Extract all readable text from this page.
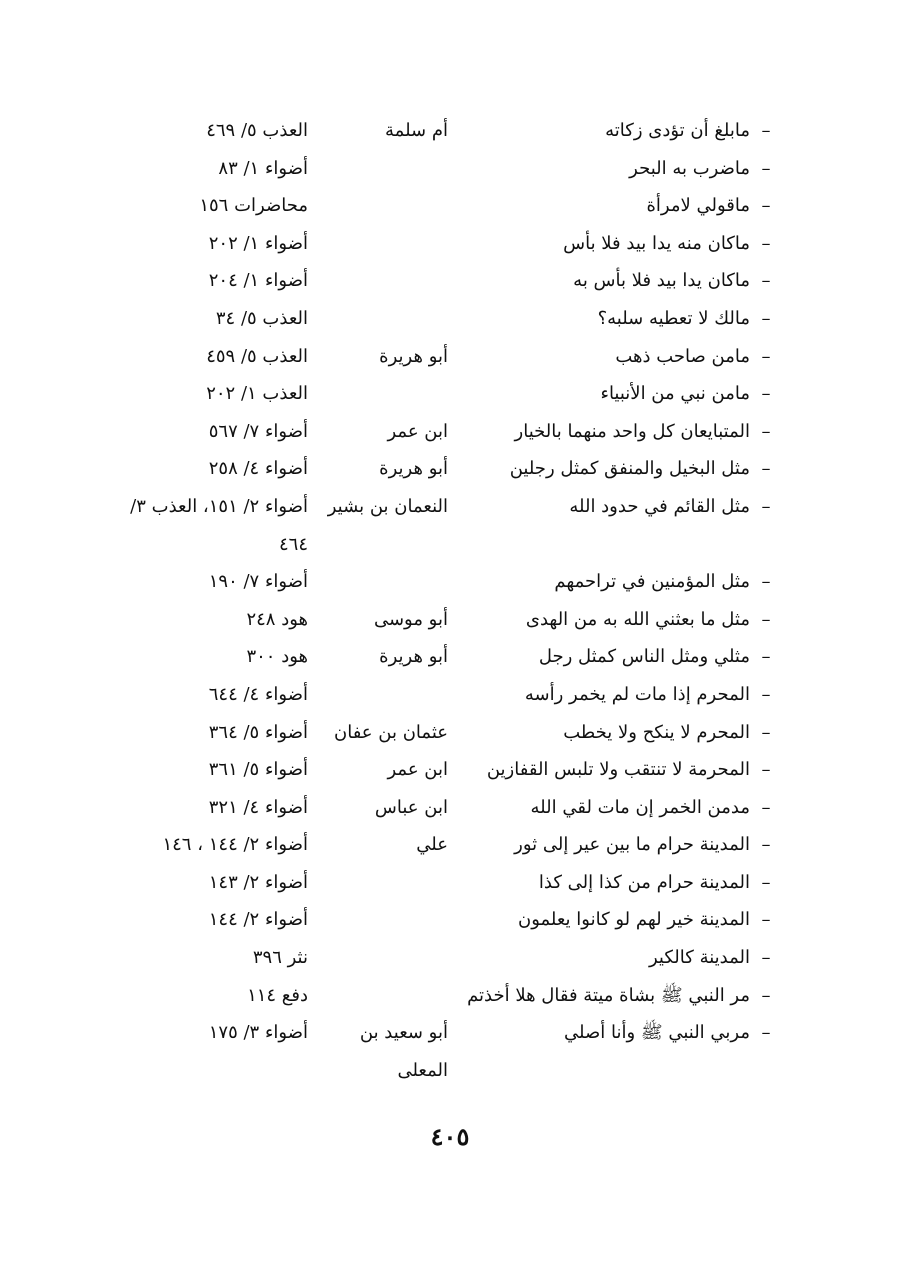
–
مابلغ أن تؤدى زكاته
أم سلمة
العذب ٥/ ٤٦٩
–
ماضرب به البحر
أضواء ١/ ٨٣
–
ماقولي لامرأة
محاضرات ١٥٦
–
ماكان منه يدا بيد فلا بأس
أضواء ١/ ٢٠٢
–
ماكان يدا بيد فلا بأس به
أضواء ١/ ٢٠٤
–
مالك لا تعطيه سلبه؟
العذب ٥/ ٣٤
–
مامن صاحب ذهب
أبو هريرة
العذب ٥/ ٤٥٩
–
مامن نبي من الأنبياء
العذب ١/ ٢٠٢
–
المتبايعان كل واحد منهما بالخيار
ابن عمر
أضواء ٧/ ٥٦٧
–
مثل البخيل والمنفق كمثل رجلين
أبو هريرة
أضواء ٤/ ٢٥٨
–
مثل القائم في حدود الله
النعمان بن بشير
أضواء ٢/ ١٥١، العذب ٣/ ٤٦٤
–
مثل المؤمنين في تراحمهم
أضواء ٧/ ١٩٠
–
مثل ما بعثني الله به من الهدى
أبو موسى
هود ٢٤٨
–
مثلي ومثل الناس كمثل رجل
أبو هريرة
هود ٣٠٠
–
المحرم إذا مات لم يخمر رأسه
أضواء ٤/ ٦٤٤
–
المحرم لا ينكح ولا يخطب
عثمان بن عفان
أضواء ٥/ ٣٦٤
–
المحرمة لا تنتقب ولا تلبس القفازين
ابن عمر
أضواء ٥/ ٣٦١
–
مدمن الخمر إن مات لقي الله
ابن عباس
أضواء ٤/ ٣٢١
–
المدينة حرام ما بين عير إلى ثور
علي
أضواء ٢/ ١٤٤ ، ١٤٦
–
المدينة حرام من كذا إلى كذا
أضواء ٢/ ١٤٣
–
المدينة خير لهم لو كانوا يعلمون
أضواء ٢/ ١٤٤
–
المدينة كالكير
نثر ٣٩٦
–
مر النبي ﷺ بشاة ميتة فقال هلا أخذتم
دفع ١١٤
–
مربي النبي ﷺ وأنا أصلي
أبو سعيد بن المعلى
أضواء ٣/ ١٧٥
٤٠٥
